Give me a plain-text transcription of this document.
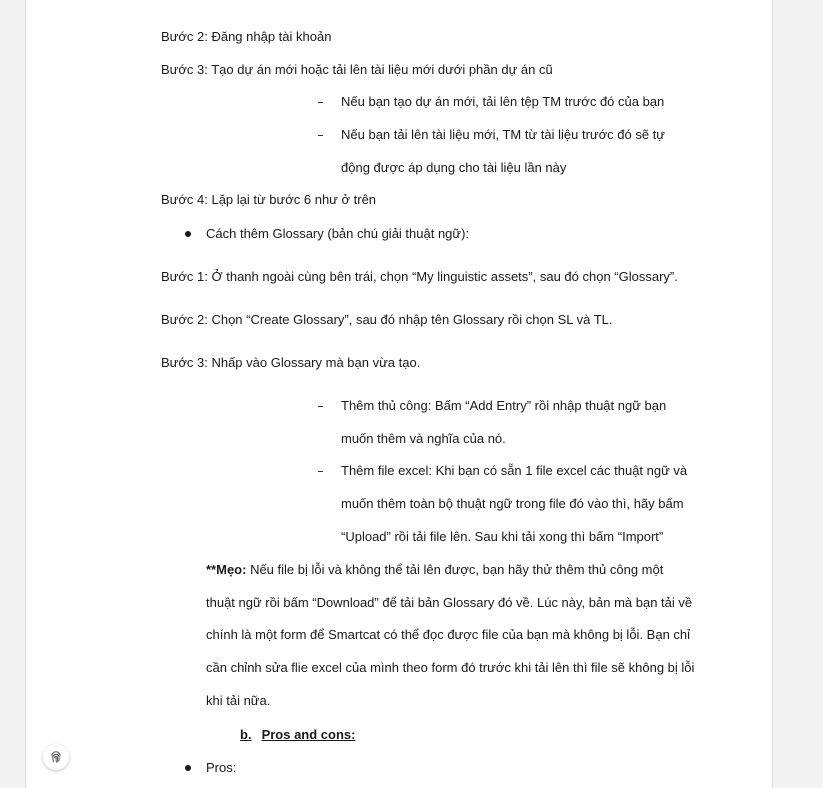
Bước 2: Đăng nhập tài khoản
Bước 3: Tạo dự án mới hoặc tải lên tài liệu mới dưới phần dự án cũ
Nếu bạn tạo dự án mới, tải lên tệp TM trước đó của bạn
Nếu bạn tải lên tài liệu mới, TM từ tài liệu trước đó sẽ tự
động được áp dụng cho tài liệu lần này
Bước 4: Lặp lại từ bước 6 như ở trên
Cách thêm Glossary (bản chú giải thuật ngữ):
Bước 1: Ở thanh ngoài cùng bên trái, chọn “My linguistic assets”, sau đó chọn “Glossary”.
Bước 2: Chọn “Create Glossary”, sau đó nhập tên Glossary rồi chọn SL và TL.
Bước 3: Nhấp vào Glossary mà bạn vừa tạo.
Thêm thủ công: Bấm “Add Entry” rồi nhập thuật ngữ bạn
muốn thêm và nghĩa của nó.
Thêm file excel: Khi bạn có sẵn 1 file excel các thuật ngữ và
muốn thêm toàn bộ thuật ngữ trong file đó vào thì, hãy bấm
“Upload” rồi tải file lên. Sau khi tải xong thì bấm “Import”
**Mẹo: Nếu file bị lỗi và không thể tải lên được, bạn hãy thử thêm thủ công một
thuật ngữ rồi bấm “Download” để tải bản Glossary đó về. Lúc này, bản mà bạn tải về
chính là một form để Smartcat có thể đọc được file của bạn mà không bị lỗi. Bạn chỉ
cần chỉnh sửa flie excel của mình theo form đó trước khi tải lên thì file sẽ không bị lỗi
khi tải nữa.
b. Pros and cons:
Pros:
